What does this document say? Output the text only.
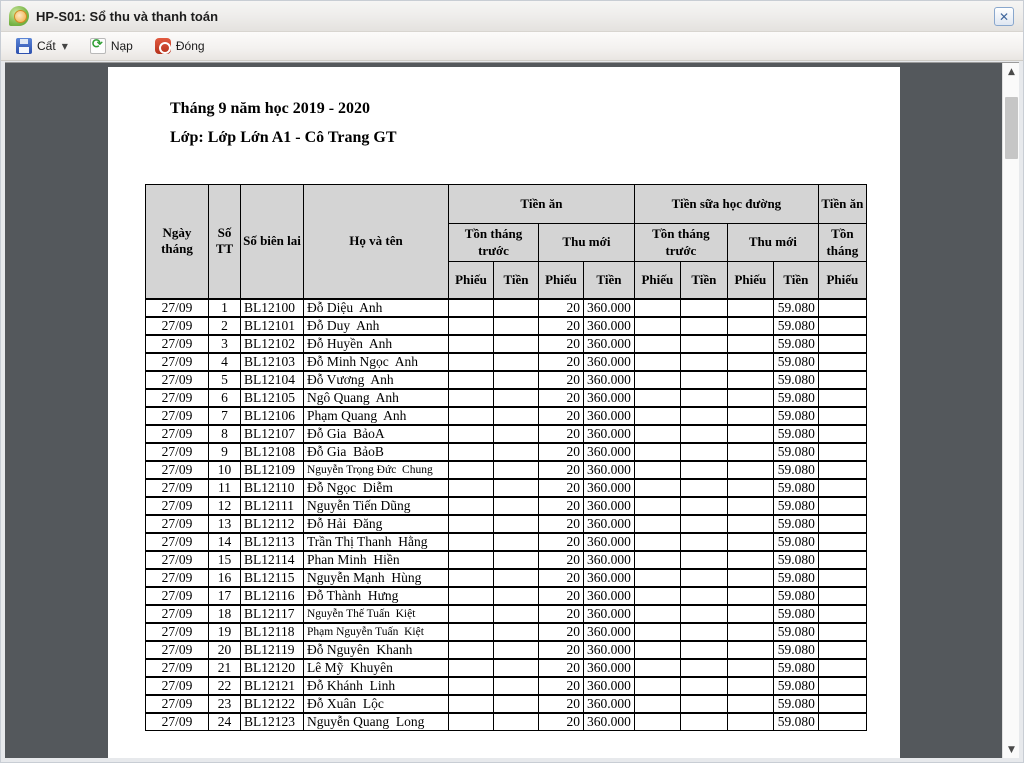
HP-S01: Sổ thu và thanh toán	✕
Cất ▼ ⟳	Nạp	Đóng
Tháng 9 năm học 2019 - 2020
Lớp: Lớp Lớn A1 - Cô Trang GT
Ngày tháng	Số TT	Số biên lai	Họ và tên	Tiền ăn				Tiền sữa học đường				Tiền ăn
				Tồn tháng trước		Thu mới		Tồn tháng trước		Thu mới		Tồn tháng
				Phiếu	Tiền	Phiếu	Tiền	Phiếu	Tiền	Phiếu	Tiền	Phiếu
27/09	1	BL12100	Đỗ Diệu  Anh			20	360.000				59.080	
27/09	2	BL12101	Đỗ Duy  Anh			20	360.000				59.080	
27/09	3	BL12102	Đỗ Huyền  Anh			20	360.000				59.080	
27/09	4	BL12103	Đỗ Minh Ngọc  Anh			20	360.000				59.080	
27/09	5	BL12104	Đỗ Vương  Anh			20	360.000				59.080	
27/09	6	BL12105	Ngô Quang  Anh			20	360.000				59.080	
27/09	7	BL12106	Phạm Quang  Anh			20	360.000				59.080	
27/09	8	BL12107	Đỗ Gia  BảoA			20	360.000				59.080	
27/09	9	BL12108	Đỗ Gia  BảoB			20	360.000				59.080	
27/09	10	BL12109	Nguyễn Trọng Đức  Chung			20	360.000				59.080	
27/09	11	BL12110	Đỗ Ngọc  Diễm			20	360.000				59.080	
27/09	12	BL12111	Nguyễn Tiến Dũng			20	360.000				59.080	
27/09	13	BL12112	Đỗ Hải  Đăng			20	360.000				59.080	
27/09	14	BL12113	Trần Thị Thanh  Hằng			20	360.000				59.080	
27/09	15	BL12114	Phan Minh  Hiền			20	360.000				59.080	
27/09	16	BL12115	Nguyễn Mạnh  Hùng			20	360.000				59.080	
27/09	17	BL12116	Đỗ Thành  Hưng			20	360.000				59.080	
27/09	18	BL12117	Nguyễn Thế Tuấn  Kiệt			20	360.000				59.080	
27/09	19	BL12118	Phạm Nguyễn Tuấn  Kiệt			20	360.000				59.080	
27/09	20	BL12119	Đỗ Nguyên  Khanh			20	360.000				59.080	
27/09	21	BL12120	Lê Mỹ  Khuyên			20	360.000				59.080	
27/09	22	BL12121	Đỗ Khánh  Linh			20	360.000				59.080	
27/09	23	BL12122	Đỗ Xuân  Lộc			20	360.000				59.080	
27/09	24	BL12123	Nguyễn Quang  Long			20	360.000				59.080	
▲
▼
